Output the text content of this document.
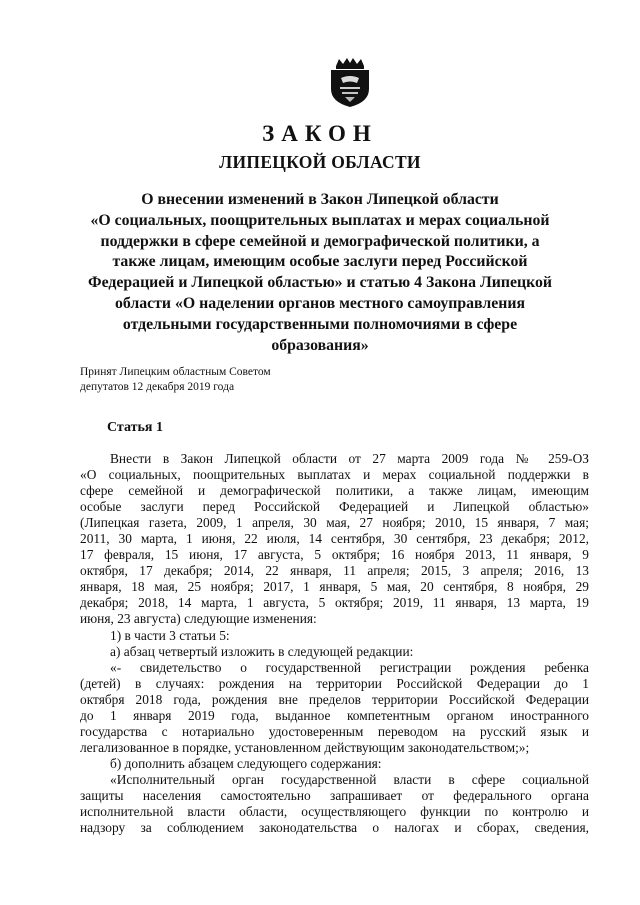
ЗАКОН
ЛИПЕЦКОЙ ОБЛАСТИ
О внесении изменений в Закон Липецкой области
«О социальных, поощрительных выплатах и мерах социальной
поддержки в сфере семейной и демографической политики, а
также лицам, имеющим особые заслуги перед Российской
Федерацией и Липецкой областью» и статью 4 Закона Липецкой
области «О наделении органов местного самоуправления
отдельными государственными полномочиями в сфере
образования»
Принят Липецким областным Советом
депутатов 12 декабря 2019 года
Статья 1
Внести в Закон Липецкой области от 27 марта 2009 года № 259-ОЗ
«О социальных, поощрительных выплатах и мерах социальной поддержки в
сфере семейной и демографической политики, а также лицам, имеющим
особые заслуги перед Российской Федерацией и Липецкой областью»
(Липецкая газета, 2009, 1 апреля, 30 мая, 27 ноября; 2010, 15 января, 7 мая;
2011, 30 марта, 1 июня, 22 июля, 14 сентября, 30 сентября, 23 декабря; 2012,
17 февраля, 15 июня, 17 августа, 5 октября; 16 ноября 2013, 11 января, 9
октября, 17 декабря; 2014, 22 января, 11 апреля; 2015, 3 апреля; 2016, 13
января, 18 мая, 25 ноября; 2017, 1 января, 5 мая, 20 сентября, 8 ноября, 29
декабря; 2018, 14 марта, 1 августа, 5 октября; 2019, 11 января, 13 марта, 19
июня, 23 августа) следующие изменения:
1) в части 3 статьи 5:
а) абзац четвертый изложить в следующей редакции:
«- свидетельство о государственной регистрации рождения ребенка
(детей) в случаях: рождения на территории Российской Федерации до 1
октября 2018 года, рождения вне пределов территории Российской Федерации
до 1 января 2019 года, выданное компетентным органом иностранного
государства с нотариально удостоверенным переводом на русский язык и
легализованное в порядке, установленном действующим законодательством;»;
б) дополнить абзацем следующего содержания:
«Исполнительный орган государственной власти в сфере социальной
защиты населения самостоятельно запрашивает от федерального органа
исполнительной власти области, осуществляющего функции по контролю и
надзору за соблюдением законодательства о налогах и сборах, сведения,
